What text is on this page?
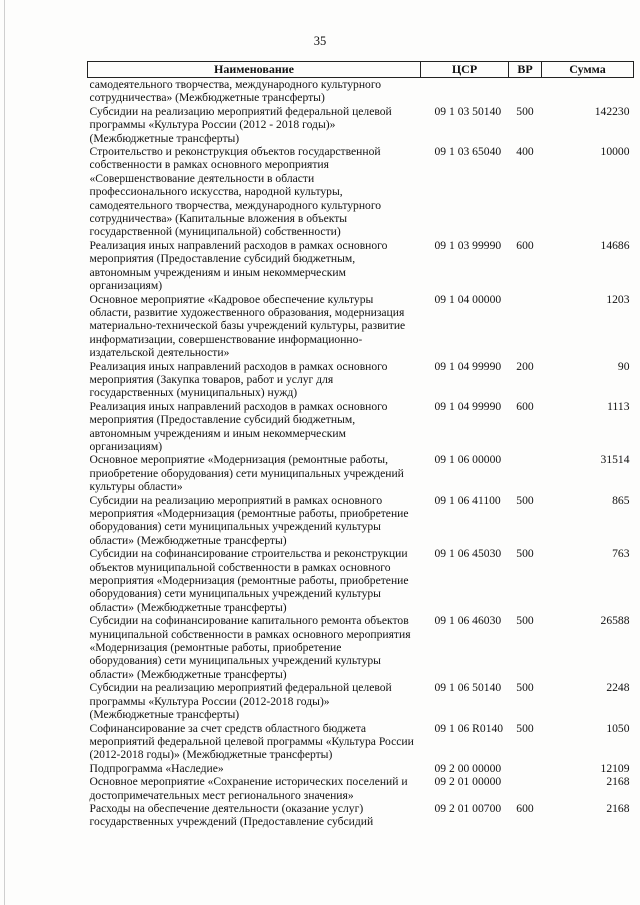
35
Наименование	ЦСР	ВР	Сумма
самодеятельного творчества, международного культурного сотрудничества» (Межбюджетные трансферты)			
Субсидии на реализацию мероприятий федеральной целевой программы «Культура России (2012 - 2018 годы)» (Межбюджетные трансферты)	09 1 03 50140	500	142230
Строительство и реконструкция объектов государственной собственности в рамках основного мероприятия «Совершенствование деятельности в области профессионального искусства, народной культуры, самодеятельного творчества, международного культурного сотрудничества» (Капитальные вложения в объекты государственной (муниципальной) собственности)	09 1 03 65040	400	10000
Реализация иных направлений расходов в рамках основного мероприятия (Предоставление субсидий бюджетным, автономным учреждениям и иным некоммерческим организациям)	09 1 03 99990	600	14686
Основное мероприятие «Кадровое обеспечение культуры области, развитие художественного образования, модернизация материально-технической базы учреждений культуры, развитие информатизации, совершенствование информационно-издательской деятельности»	09 1 04 00000		1203
Реализация иных направлений расходов в рамках основного мероприятия (Закупка товаров, работ и услуг для государственных (муниципальных) нужд)	09 1 04 99990	200	90
Реализация иных направлений расходов в рамках основного мероприятия (Предоставление субсидий бюджетным, автономным учреждениям и иным некоммерческим организациям)	09 1 04 99990	600	1113
Основное мероприятие «Модернизация (ремонтные работы, приобретение оборудования) сети муниципальных учреждений культуры области»	09 1 06 00000		31514
Субсидии на реализацию мероприятий в рамках основного мероприятия «Модернизация (ремонтные работы, приобретение оборудования) сети муниципальных учреждений культуры области» (Межбюджетные трансферты)	09 1 06 41100	500	865
Субсидии на софинансирование строительства и реконструкции объектов муниципальной собственности в рамках основного мероприятия «Модернизация (ремонтные работы, приобретение оборудования) сети муниципальных учреждений культуры области» (Межбюджетные трансферты)	09 1 06 45030	500	763
Субсидии на софинансирование капитального ремонта объектов муниципальной собственности в рамках основного мероприятия «Модернизация (ремонтные работы, приобретение оборудования) сети муниципальных учреждений культуры области» (Межбюджетные трансферты)	09 1 06 46030	500	26588
Субсидии на реализацию мероприятий федеральной целевой программы «Культура России (2012-2018 годы)» (Межбюджетные трансферты)	09 1 06 50140	500	2248
Софинансирование за счет средств областного бюджета мероприятий федеральной целевой программы «Культура России (2012-2018 годы)» (Межбюджетные трансферты)	09 1 06 R0140	500	1050
Подпрограмма «Наследие»	09 2 00 00000		12109
Основное мероприятие «Сохранение исторических поселений и достопримечательных мест регионального значения»	09 2 01 00000		2168
Расходы на обеспечение деятельности (оказание услуг) государственных учреждений (Предоставление субсидий	09 2 01 00700	600	2168
